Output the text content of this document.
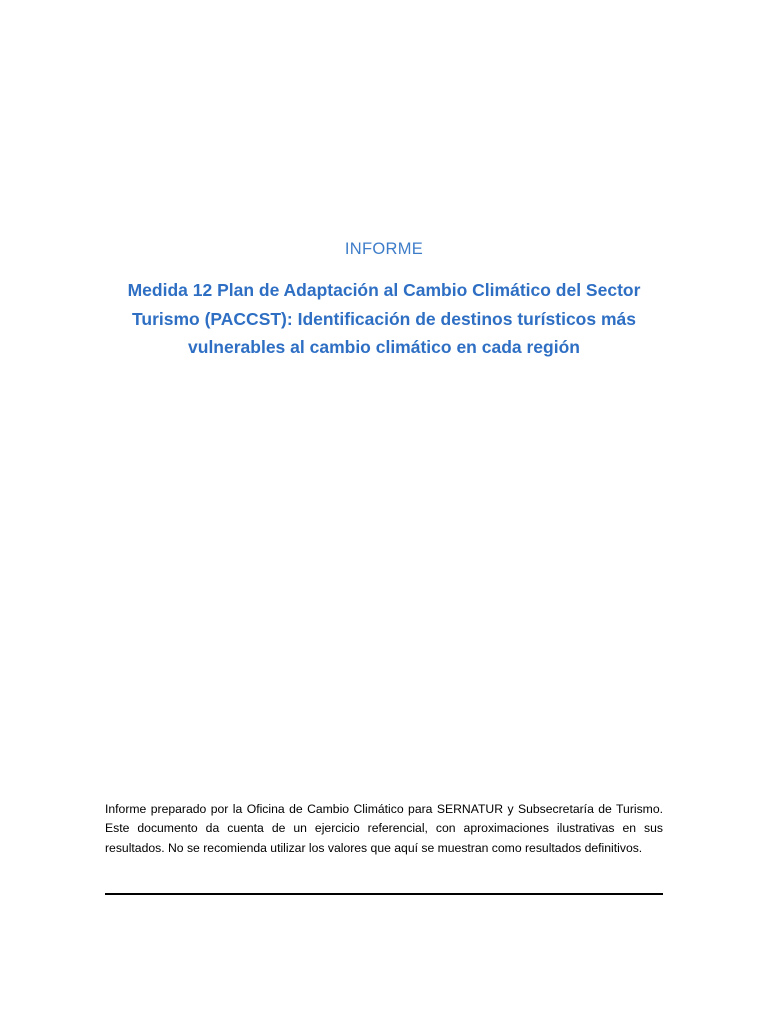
INFORME
Medida 12 Plan de Adaptación al Cambio Climático del Sector Turismo (PACCST): Identificación de destinos turísticos más vulnerables al cambio climático en cada región

Informe preparado por la Oficina de Cambio Climático para SERNATUR y Subsecretaría de Turismo. Este documento da cuenta de un ejercicio referencial, con aproximaciones ilustrativas en sus resultados. No se recomienda utilizar los valores que aquí se muestran como resultados definitivos.
